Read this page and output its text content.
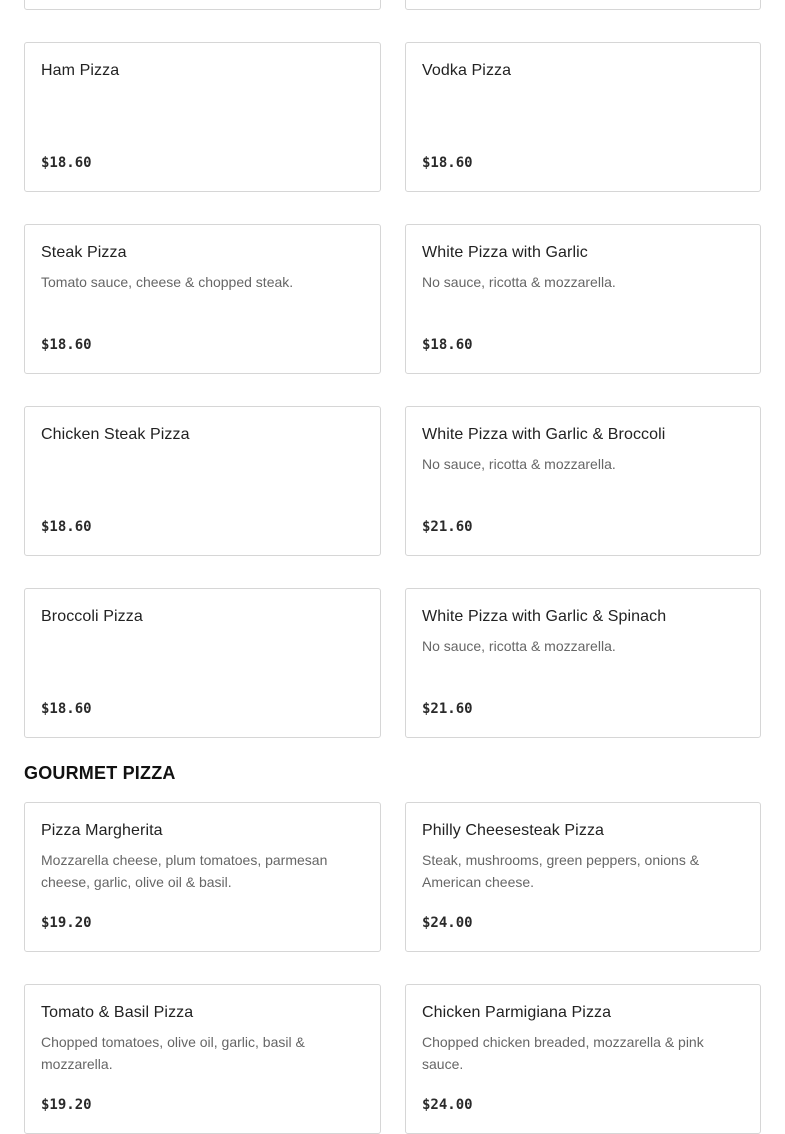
Ham Pizza
$18.60
Vodka Pizza
$18.60
Steak Pizza
Tomato sauce, cheese & chopped steak.
$18.60
White Pizza with Garlic
No sauce, ricotta & mozzarella.
$18.60
Chicken Steak Pizza
$18.60
White Pizza with Garlic & Broccoli
No sauce, ricotta & mozzarella.
$21.60
Broccoli Pizza
$18.60
White Pizza with Garlic & Spinach
No sauce, ricotta & mozzarella.
$21.60
GOURMET PIZZA
Pizza Margherita
Mozzarella cheese, plum tomatoes, parmesan cheese, garlic, olive oil & basil.
$19.20
Philly Cheesesteak Pizza
Steak, mushrooms, green peppers, onions & American cheese.
$24.00
Tomato & Basil Pizza
Chopped tomatoes, olive oil, garlic, basil & mozzarella.
$19.20
Chicken Parmigiana Pizza
Chopped chicken breaded, mozzarella & pink sauce.
$24.00
